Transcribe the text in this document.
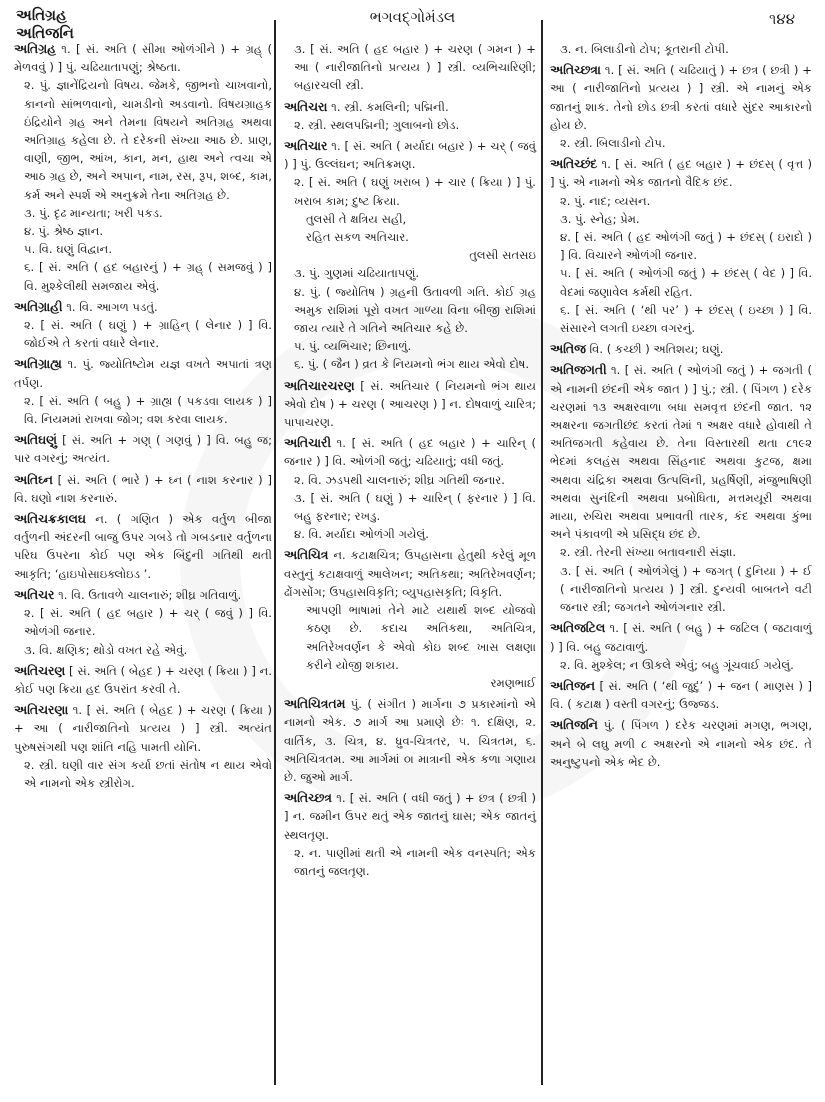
અતિગ્રહ
અતિજનિ
ભગવદ્ગોમંડલ	૧૪૪
અતિગ્રહ ૧. [ સં. અતિ ( સીમા ઓળંગીને ) + ગ્રહ્ ( મેળવવું ) ] પું. ચઢિયાતાપણું; શ્રેષ્ઠતા.
૨. પું. જ્ઞાનેંદ્રિયનો વિષય. જેમકે, જીભનો ચાખવાનો, કાનનો સાંભળવાનો, ચામડીનો અડવાનો. વિષયગ્રાહક ઇંદ્રિયોને ગ્રહ અને તેમના વિષયને અતિગ્રહ અથવા અતિગ્રાહ કહેલા છે. તે દરેકની સંખ્યા આઠ છે. પ્રાણ, વાણી, જીભ, આંખ, કાન, મન, હાથ અને ત્વચા એ આઠ ગ્રહ છે, અને અપાન, નામ, રસ, રૂપ, શબ્દ, કામ, કર્મ અને સ્પર્શ એ અનુક્રમે તેના અતિગ્રહ છે.
૩. પું. દૃઢ માન્યતા; ખરી પકડ.
૪. પું. શ્રેષ્ઠ જ્ઞાન.
૫. વિ. ઘણું વિદ્વાન.
૬. [ સં. અતિ ( હદ બહારનું ) + ગ્રહ્ ( સમજવું ) ] વિ. મુશ્કેલીથી સમજાય એવું.
અતિગ્રાહી ૧. વિ. આગળ પડતું.
૨. [ સં. અતિ ( ઘણું ) + ગ્રાહિન્ ( લેનાર ) ] વિ. જોઈએ તે કરતાં વધારે લેનાર.
અતિગ્રાહ્ય ૧. પું. જ્યોતિષ્ટોમ યજ્ઞ વખતે અપાતાં ત્રણ તર્પણ.
૨. [ સં. અતિ ( બહુ ) + ગ્રાહ્ય ( પકડવા લાયક ) ] વિ. નિયમમાં રાખવા જોગ; વશ કરવા લાયક.
અતિઘણું [ સં. અતિ + ગણ્ ( ગણવું ) ] વિ. બહુ જ; પાર વગરનું; અત્યંત.
અતિઘ્ન [ સં. અતિ ( ભારે ) + ઘ્ન ( નાશ કરનાર ) ] વિ. ઘણો નાશ કરનારું.
અતિચક્રકાલઘ ન. ( ગણિત ) એક વર્તુળ બીજા વર્તુળની અંદરની બાજુ ઉપર ગબડે તો ગબડનાર વર્તુળના પરિઘ ઉપરના કોઈ પણ એક બિંદુની ગતિથી થતી આકૃતિ; ‘હાઇપોસાઇક્લોઇડ ’.
અતિચર ૧. વિ. ઉતાવળે ચાલનારું; શીઘ્ર ગતિવાળું.
૨. [ સં. અતિ ( હદ બહાર ) + ચર્ ( જવું ) ] વિ. ઓળંગી જનાર.
૩. વિ. ક્ષણિક; થોડો વખત રહે એવું.
અતિચરણ [ સં. અતિ ( બેહદ ) + ચરણ ( ક્રિયા ) ] ન. કોઈ પણ ક્રિયા હદ ઉપરાંત કરવી તે.
અતિચરણા ૧. [ સં. અતિ ( બેહદ ) + ચરણ ( ક્રિયા ) + આ ( નારીજાતિનો પ્રત્યય ) ] સ્ત્રી. અત્યંત પુરુષસંગથી પણ શાંતિ નહિ પામતી યોનિ.
૨. સ્ત્રી. ઘણી વાર સંગ કર્યા છતાં સંતોષ ન થાય એવો એ નામનો એક સ્ત્રીરોગ.
૩. [ સં. અતિ ( હદ બહાર ) + ચરણ ( ગમન ) + આ ( નારીજાતિનો પ્રત્યય ) ] સ્ત્રી. વ્યભિચારિણી; બહારચલી સ્ત્રી.
અતિચરા ૧. સ્ત્રી. કમલિની; પદ્મિની.
૨. સ્ત્રી. સ્થલપદ્મિની; ગુલાબનો છોડ.
અતિચાર ૧. [ સં. અતિ ( મર્યાદા બહાર ) + ચર્ ( જવું ) ] પું. ઉલ્લંઘન; અતિક્રમણ.
૨. [ સં. અતિ ( ઘણું ખરાબ ) + ચાર ( ક્રિયા ) ] પું. ખરાબ કામ; દુષ્ટ ક્રિયા.
તુલસી તે ક્ષત્રિય સહી,
રહિત સકળ અતિચાર.
તુલસી સતસઇ
૩. પું. ગુણમાં ચઢિયાતાપણું.
૪. પું. ( જ્યોતિષ ) ગ્રહની ઉતાવળી ગતિ. કોઈ ગ્રહ અમુક રાશિમાં પૂરો વખત ગાળ્યા વિના બીજી રાશિમાં જાય ત્યારે તે ગતિને અતિચાર કહે છે.
૫. પું. વ્યભિચાર; છિનાળું.
૬. પું. ( જૈન ) વ્રત કે નિયમનો ભંગ થાય એવો દોષ.
અતિચારચરણ [ સં. અતિચાર ( નિયમનો ભંગ થાય એવો દોષ ) + ચરણ ( આચરણ ) ] ન. દોષવાળું ચારિત્ર; પાપાચરણ.
અતિચારી ૧. [ સં. અતિ ( હદ બહાર ) + ચારિન્ ( જનાર ) ] વિ. ઓળંગી જતું; ચઢિયાતું; વધી જતું.
૨. વિ. ઝડપથી ચાલનારું; શીઘ્ર ગતિથી જનાર.
૩. [ સં. અતિ ( ઘણું ) + ચારિન્ ( ફરનાર ) ] વિ. બહુ ફરનાર; રખડુ.
૪. વિ. મર્યાદા ઓળંગી ગયેલું.
અતિચિત્ર ન. કટાક્ષચિત્ર; ઉપહાસના હેતુથી કરેલું મૂળ વસ્તુનું કટાક્ષવાળું આલેખન; અતિકથા; અતિરેખવર્ણન; ઢોંગસોંગ; ઉપહાસવિકૃતિ; વ્યુપહાસકૃતિ; વિકૃતિ.
આપણી ભાષામાં તેને માટે યથાર્થ શબ્દ યોજવો કઠણ છે. કદાચ અતિકથા, અતિચિત્ર, અતિરેખવર્ણન કે એવો કોઇ શબ્દ ખાસ લક્ષણા કરીને યોજી શકાય.
રમણભાઈ
અતિચિત્રતમ પું. ( સંગીત ) માર્ગના ૭ પ્રકારમાંનો એ નામનો એક. ૭ માર્ગ આ પ્રમાણે છેઃ ૧. દક્ષિણ, ૨. વાર્તિક, ૩. ચિત્ર, ૪. ધ્રુવ-ચિત્રતર, ૫. ચિત્રતમ, ૬. અતિચિત્રતમ. આ માર્ગમાં ૦ા માત્રાની એક કળા ગણાય છે. જુઓ માર્ગ.
અતિચ્છત્ર ૧. [ સં. અતિ ( વધી જતું ) + છત્ર ( છત્રી ) ] ન. જમીન ઉપર થતું એક જાતનું ઘાસ; એક જાતનું સ્થલતૃણ.
૨. ન. પાણીમાં થતી એ નામની એક વનસ્પતિ; એક જાતનું જલતૃણ.
૩. ન. બિલાડીનો ટોપ; કૂતરાની ટોપી.
અતિચ્છત્રા ૧. [ સં. અતિ ( ચઢિયાતું ) + છત્ર ( છત્રી ) + આ ( નારીજાતિનો પ્રત્યય ) ] સ્ત્રી. એ નામનું એક જાતનું શાક. તેનો છોડ છત્રી કરતાં વધારે સુંદર આકારનો હોય છે.
૨. સ્ત્રી. બિલાડીનો ટોપ.
અતિચ્છંદ ૧. [ સં. અતિ ( હદ બહાર ) + છંદસ્ ( વૃત્ત ) ] પું. એ નામનો એક જાતનો વૈદિક છંદ.
૨. પું. નાદ; વ્યસન.
૩. પું. સ્નેહ; પ્રેમ.
૪. [ સં. અતિ ( હદ ઓળંગી જતું ) + છંદસ્ ( ઇરાદો ) ] વિ. વિચારને ઓળંગી જનાર.
૫. [ સં. અતિ ( ઓળંગી જતું ) + છંદસ્ ( વેદ ) ] વિ. વેદમાં જણાવેલ કર્મથી રહિત.
૬. [ સં. અતિ ( ‘થી પર’ ) + છંદસ્ ( ઇચ્છા ) ] વિ. સંસારને લગતી ઇચ્છા વગરનું.
અતિજ વિ. ( કચ્છી ) અતિશય; ઘણું.
અતિજગતી ૧. [ સં. અતિ ( ઓળંગી જતું ) + જગતી ( એ નામની છંદની એક જાત ) ] પું.; સ્ત્રી. ( પિંગળ ) દરેક ચરણમાં ૧૩ અક્ષરવાળા બધા સમવૃત્ત છંદની જાત. ૧૨ અક્ષરના જગતીછંદ કરતાં તેમાં ૧ અક્ષર વધારે હોવાથી તે અતિજગતી કહેવાય છે. તેના વિસ્તારથી થતા ૮૧૯૨ ભેદમાં કલહંસ અથવા સિંહનાદ અથવા કુટજ, ક્ષમા અથવા ચંદ્રિકા અથવા ઉત્પલિની, પ્રહર્ષિણી, મંજુભાષિણી અથવા સુનંદિની અથવા પ્રબોધિતા, મત્તમયૂરી અથવા માયા, રુચિરા અથવા પ્રભાવતી તારક, કંદ અથવા કુંભા અને પંકાવળી એ પ્રસિદ્ધ છંદ છે.
૨. સ્ત્રી. તેરની સંખ્યા બતાવનારી સંજ્ઞા.
૩. [ સં. અતિ ( ઓળંગેલું ) + જગત્ ( દુનિયા ) + ઈ ( નારીજાતિનો પ્રત્યય ) ] સ્ત્રી. દુન્યવી બાબતને વટી જનાર સ્ત્રી; જગતને ઓળંગનાર સ્ત્રી.
અતિજટિલ ૧. [ સં. અતિ ( બહુ ) + જટિલ ( જટાવાળું ) ] વિ. બહુ જટાવાળું.
૨. વિ. મુશ્કેલ; ન ઊકલે એવું; બહુ ગૂંચવાઈ ગયેલું.
અતિજન [ સં. અતિ ( ‘થી જુદું’ ) + જન ( માણસ ) ] વિ. ( કટાક્ષ ) વસ્તી વગરનું; ઉજ્જડ.
અતિજનિ પું. ( પિંગળ ) દરેક ચરણમાં મગણ, ભગણ, અને બે લઘુ મળી ૮ અક્ષરનો એ નામનો એક છંદ. તે અનુષ્ટુપનો એક ભેદ છે.
